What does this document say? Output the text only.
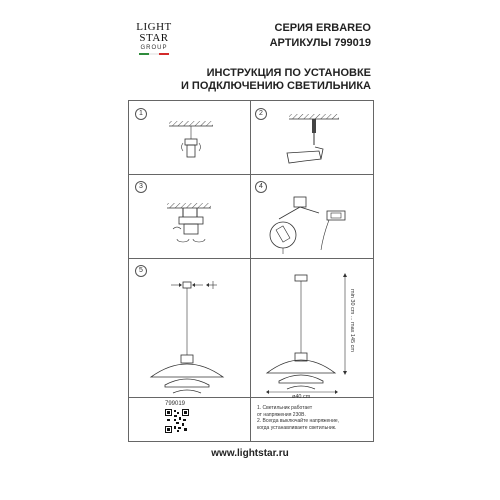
LIGHT
STAR
GROUP
СЕРИЯ ERBAREO
АРТИКУЛЫ 799019
ИНСТРУКЦИЯ ПО УСТАНОВКЕ
И ПОДКЛЮЧЕНИЮ СВЕТИЛЬНИКА
1	2
3	4
5
min 30 cm ... max 145 cm
ø40 cm
799019
1. Светильник работает
от напряжения 230В.
2. Всегда выключайте напряжение,
когда устанавливаете светильник.
www.lightstar.ru
